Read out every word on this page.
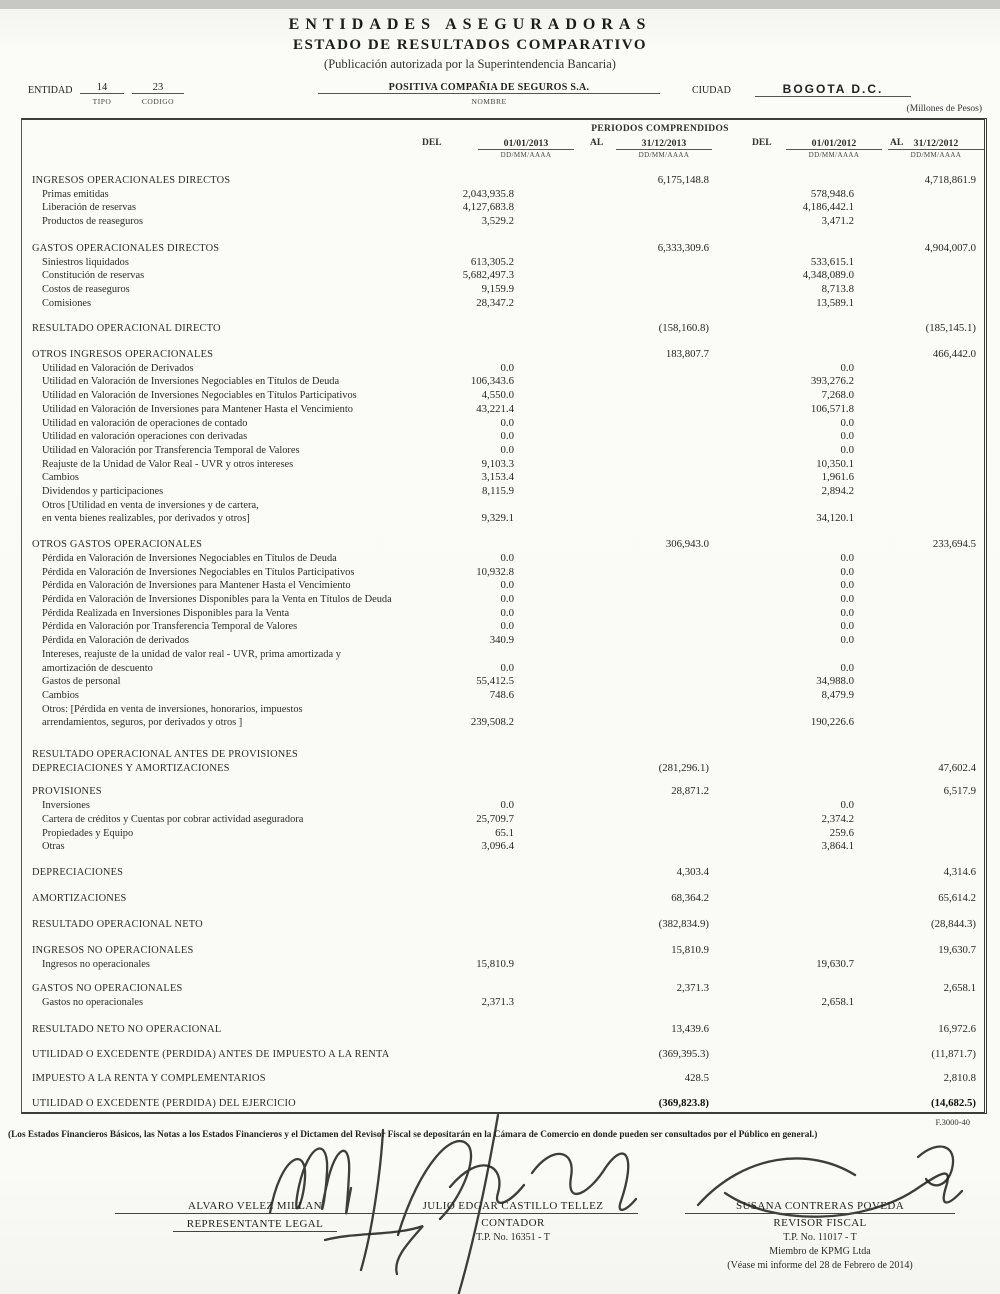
ENTIDADES ASEGURADORAS
ESTADO DE RESULTADOS COMPARATIVO
(Publicación autorizada por la Superintendencia Bancaria)
ENTIDAD	14
TIPO
23
CODIGO
POSITIVA COMPAÑIA DE SEGUROS S.A.
NOMBRE
CIUDAD	BOGOTA D.C.
(Millones de Pesos)
PERIODOS COMPRENDIDOS
DEL	01/01/2013
DD/MM/AAAA
AL	31/12/2013
DD/MM/AAAA
DEL	01/01/2012
DD/MM/AAAA
AL	31/12/2012
DD/MM/AAAA
INGRESOS OPERACIONALES DIRECTOS	6,175,148.8	4,718,861.9
Primas emitidas	2,043,935.8	578,948.6
Liberación de reservas	4,127,683.8	4,186,442.1
Productos de reaseguros	3,529.2	3,471.2
GASTOS OPERACIONALES DIRECTOS	6,333,309.6	4,904,007.0
Siniestros liquidados	613,305.2	533,615.1
Constitución de reservas	5,682,497.3	4,348,089.0
Costos de reaseguros	9,159.9	8,713.8
Comisiones	28,347.2	13,589.1
RESULTADO OPERACIONAL DIRECTO	(158,160.8)	(185,145.1)
OTROS INGRESOS OPERACIONALES	183,807.7	466,442.0
Utilidad en Valoración de Derivados	0.0	0.0
Utilidad en Valoración de Inversiones Negociables en Títulos de Deuda	106,343.6	393,276.2
Utilidad en Valoración de Inversiones Negociables en Títulos Participativos	4,550.0	7,268.0
Utilidad en Valoración de Inversiones para Mantener Hasta el Vencimiento	43,221.4	106,571.8
Utilidad en valoración de operaciones de contado	0.0	0.0
Utilidad en valoración operaciones con derivadas	0.0	0.0
Utilidad en Valoración por Transferencia Temporal de Valores	0.0	0.0
Reajuste de la Unidad de Valor Real - UVR y otros intereses	9,103.3	10,350.1
Cambios	3,153.4	1,961.6
Dividendos y participaciones	8,115.9	2,894.2
Otros [Utilidad en venta de inversiones y de cartera,
en venta bienes realizables, por derivados y otros]	9,329.1	34,120.1
OTROS GASTOS OPERACIONALES	306,943.0	233,694.5
Pérdida en Valoración de Inversiones Negociables en Títulos de Deuda	0.0	0.0
Pérdida en Valoración de Inversiones Negociables en Títulos Participativos	10,932.8	0.0
Pérdida en Valoración de Inversiones para Mantener Hasta el Vencimiento	0.0	0.0
Pérdida en Valoración de Inversiones Disponibles para la Venta en Títulos de Deuda	0.0	0.0
Pérdida Realizada en Inversiones Disponibles para la Venta	0.0	0.0
Pérdida en Valoración por Transferencia Temporal de Valores	0.0	0.0
Pérdida en Valoración de derivados	340.9	0.0
Intereses, reajuste de la unidad de valor real - UVR, prima amortizada y
amortización de descuento	0.0	0.0
Gastos de personal	55,412.5	34,988.0
Cambios	748.6	8,479.9
Otros: [Pérdida en venta de inversiones, honorarios, impuestos
arrendamientos, seguros, por derivados y otros ]	239,508.2	190,226.6
RESULTADO OPERACIONAL ANTES DE PROVISIONES
DEPRECIACIONES Y AMORTIZACIONES	(281,296.1)	47,602.4
PROVISIONES	28,871.2	6,517.9
Inversiones	0.0	0.0
Cartera de créditos y Cuentas por cobrar actividad aseguradora	25,709.7	2,374.2
Propiedades y Equipo	65.1	259.6
Otras	3,096.4	3,864.1
DEPRECIACIONES	4,303.4	4,314.6
AMORTIZACIONES	68,364.2	65,614.2
RESULTADO OPERACIONAL NETO	(382,834.9)	(28,844.3)
INGRESOS NO OPERACIONALES	15,810.9	19,630.7
Ingresos no operacionales	15,810.9	19,630.7
GASTOS NO OPERACIONALES	2,371.3	2,658.1
Gastos no operacionales	2,371.3	2,658.1
RESULTADO NETO NO OPERACIONAL	13,439.6	16,972.6
UTILIDAD O EXCEDENTE (PERDIDA) ANTES DE IMPUESTO A LA RENTA	(369,395.3)	(11,871.7)
IMPUESTO A LA RENTA Y COMPLEMENTARIOS	428.5	2,810.8
UTILIDAD O EXCEDENTE (PERDIDA) DEL EJERCICIO	(369,823.8)	(14,682.5)
F.3000-40
(Los Estados Financieros Básicos, las Notas a los Estados Financieros y el Dictamen del Revisor Fiscal se depositarán en la Cámara de Comercio en donde pueden ser consultados por el Público en general.)
ALVARO VELEZ MILLAN
REPRESENTANTE LEGAL
JULIO EDGAR CASTILLO TELLEZ
CONTADOR
T.P. No. 16351 - T
SUSANA CONTRERAS POVEDA
REVISOR FISCAL
T.P. No. 11017 - T
Miembro de KPMG Ltda
(Véase mi informe del 28 de Febrero de 2014)
